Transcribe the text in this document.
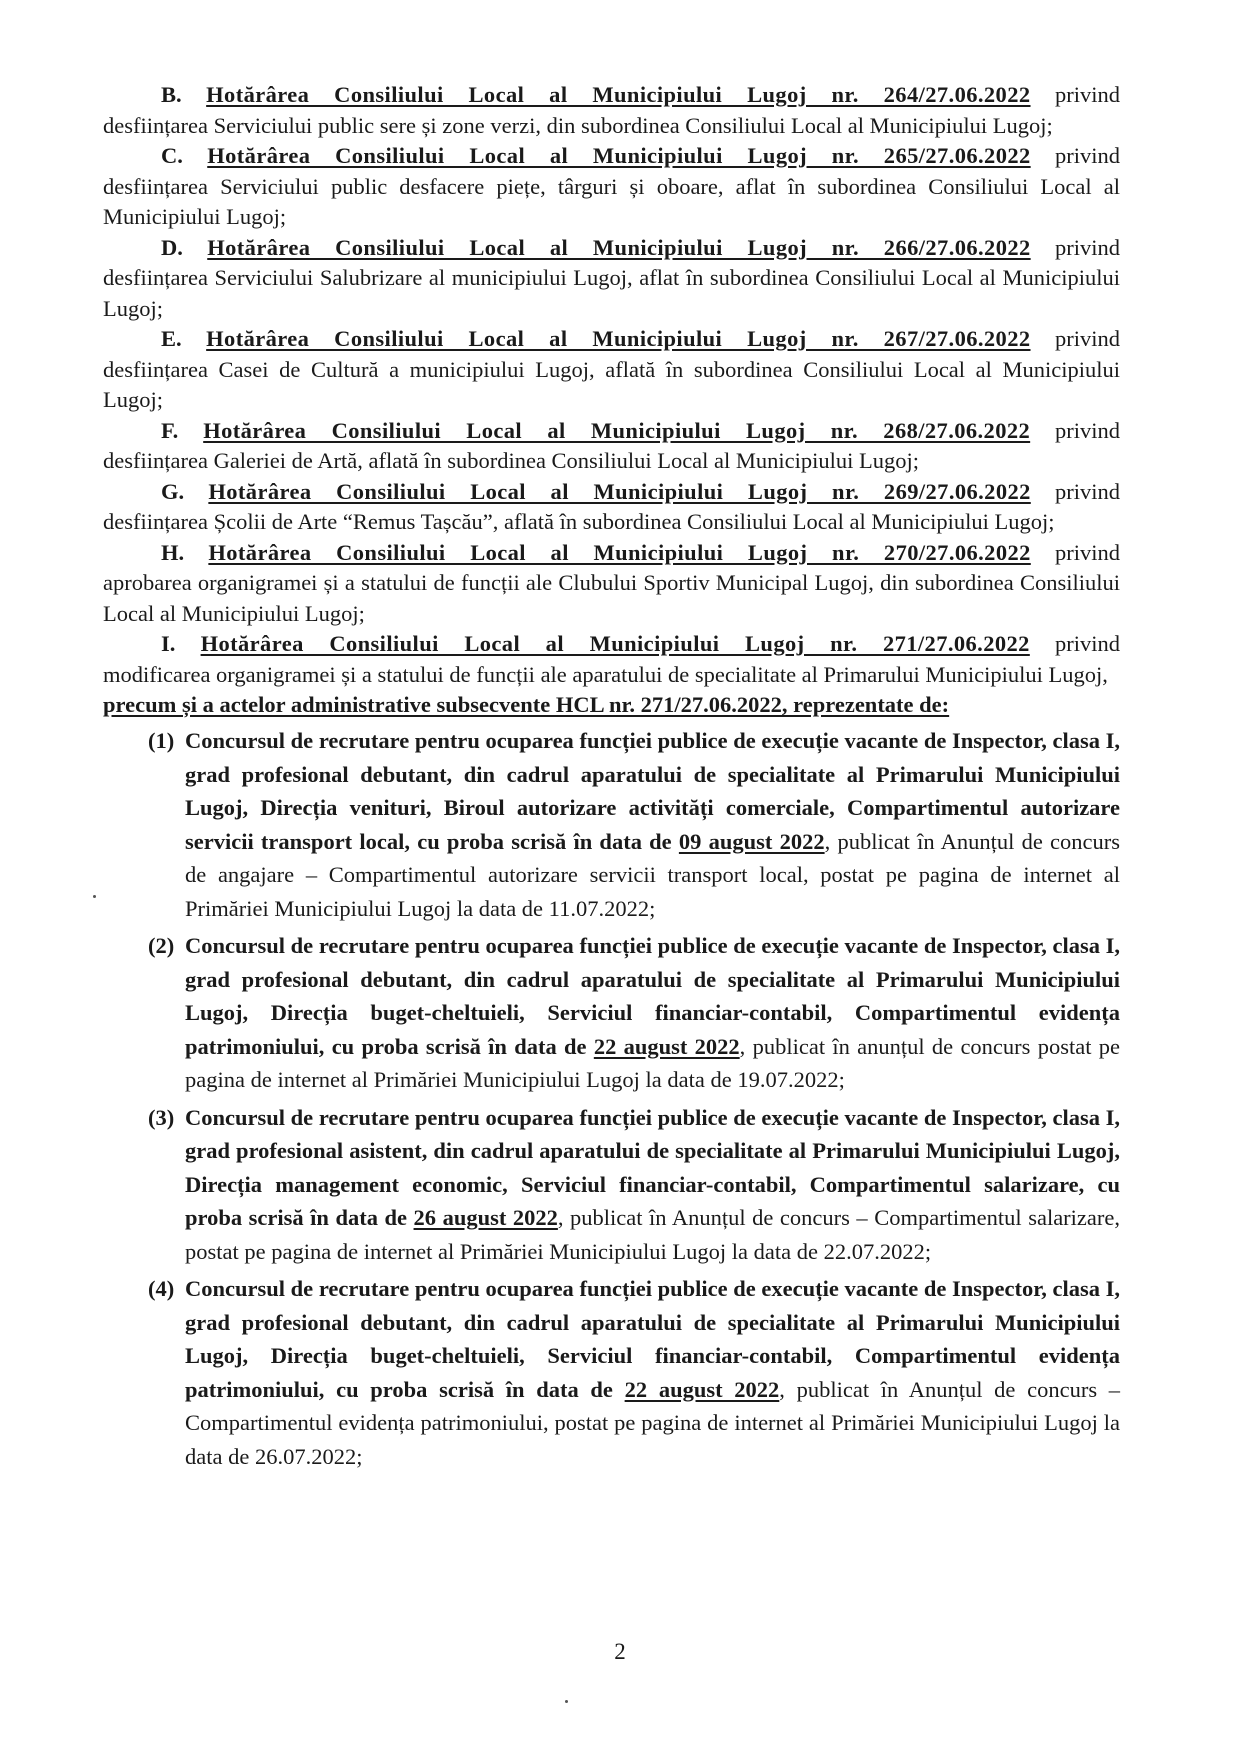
B. Hotărârea Consiliului Local al Municipiului Lugoj nr. 264/27.06.2022 privind
desființarea Serviciului public sere și zone verzi, din subordinea Consiliului Local al Municipiului Lugoj;

C. Hotărârea Consiliului Local al Municipiului Lugoj nr. 265/27.06.2022 privind
desființarea Serviciului public desfacere piețe, târguri și oboare, aflat în subordinea Consiliului Local al Municipiului Lugoj;

D. Hotărârea Consiliului Local al Municipiului Lugoj nr. 266/27.06.2022 privind
desființarea Serviciului Salubrizare al municipiului Lugoj, aflat în subordinea Consiliului Local al Municipiului Lugoj;

E. Hotărârea Consiliului Local al Municipiului Lugoj nr. 267/27.06.2022 privind
desființarea Casei de Cultură a municipiului Lugoj, aflată în subordinea Consiliului Local al Municipiului Lugoj;

F. Hotărârea Consiliului Local al Municipiului Lugoj nr. 268/27.06.2022 privind
desființarea Galeriei de Artă, aflată în subordinea Consiliului Local al Municipiului Lugoj;

G. Hotărârea Consiliului Local al Municipiului Lugoj nr. 269/27.06.2022 privind
desființarea Școlii de Arte “Remus Tașcău”, aflată în subordinea Consiliului Local al Municipiului Lugoj;

H. Hotărârea Consiliului Local al Municipiului Lugoj nr. 270/27.06.2022 privind
aprobarea organigramei și a statului de funcții ale Clubului Sportiv Municipal Lugoj, din subordinea Consiliului Local al Municipiului Lugoj;

I. Hotărârea Consiliului Local al Municipiului Lugoj nr. 271/27.06.2022 privind
modificarea organigramei și a statului de funcții ale aparatului de specialitate al Primarului Municipiului Lugoj,

precum și a actelor administrative subsecvente HCL nr. 271/27.06.2022, reprezentate de:

(1) Concursul de recrutare pentru ocuparea funcției publice de execuție vacante de Inspector, clasa I, grad profesional debutant, din cadrul aparatului de specialitate al Primarului Municipiului Lugoj, Direcția venituri, Biroul autorizare activități comerciale, Compartimentul autorizare servicii transport local, cu proba scrisă în data de 09 august 2022, publicat în Anunțul de concurs de angajare – Compartimentul autorizare servicii transport local, postat pe pagina de internet al Primăriei Municipiului Lugoj la data de 11.07.2022;

(2) Concursul de recrutare pentru ocuparea funcției publice de execuție vacante de Inspector, clasa I, grad profesional debutant, din cadrul aparatului de specialitate al Primarului Municipiului Lugoj, Direcția buget-cheltuieli, Serviciul financiar-contabil, Compartimentul evidența patrimoniului, cu proba scrisă în data de 22 august 2022, publicat în anunțul de concurs postat pe pagina de internet al Primăriei Municipiului Lugoj la data de 19.07.2022;

(3) Concursul de recrutare pentru ocuparea funcției publice de execuție vacante de Inspector, clasa I, grad profesional asistent, din cadrul aparatului de specialitate al Primarului Municipiului Lugoj, Direcția management economic, Serviciul financiar-contabil, Compartimentul salarizare, cu proba scrisă în data de 26 august 2022, publicat în Anunțul de concurs – Compartimentul salarizare, postat pe pagina de internet al Primăriei Municipiului Lugoj la data de 22.07.2022;

(4) Concursul de recrutare pentru ocuparea funcției publice de execuție vacante de Inspector, clasa I, grad profesional debutant, din cadrul aparatului de specialitate al Primarului Municipiului Lugoj, Direcția buget-cheltuieli, Serviciul financiar-contabil, Compartimentul evidența patrimoniului, cu proba scrisă în data de 22 august 2022, publicat în Anunțul de concurs – Compartimentul evidența patrimoniului, postat pe pagina de internet al Primăriei Municipiului Lugoj la data de 26.07.2022;

2
